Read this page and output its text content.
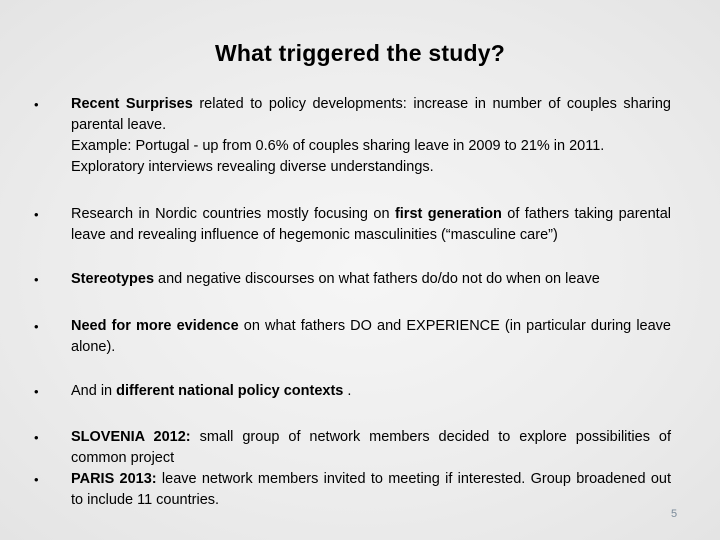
What triggered the study?
• Recent Surprises related to policy developments: increase in number of couples sharing parental leave.
Example: Portugal - up from 0.6% of couples sharing leave in 2009 to 21% in 2011.
Exploratory interviews revealing diverse understandings.
• Research in Nordic countries mostly focusing on first generation of fathers taking parental leave and revealing influence of hegemonic masculinities (“masculine care”)
• Stereotypes and negative discourses on what fathers do/do not do when on leave
• Need for more evidence on what fathers DO and EXPERIENCE (in particular during leave alone).
• And in different national policy contexts .
• SLOVENIA 2012: small group of network members decided to explore possibilities of common project
• PARIS 2013: leave network members invited to meeting if interested. Group broadened out to include 11 countries.
5
